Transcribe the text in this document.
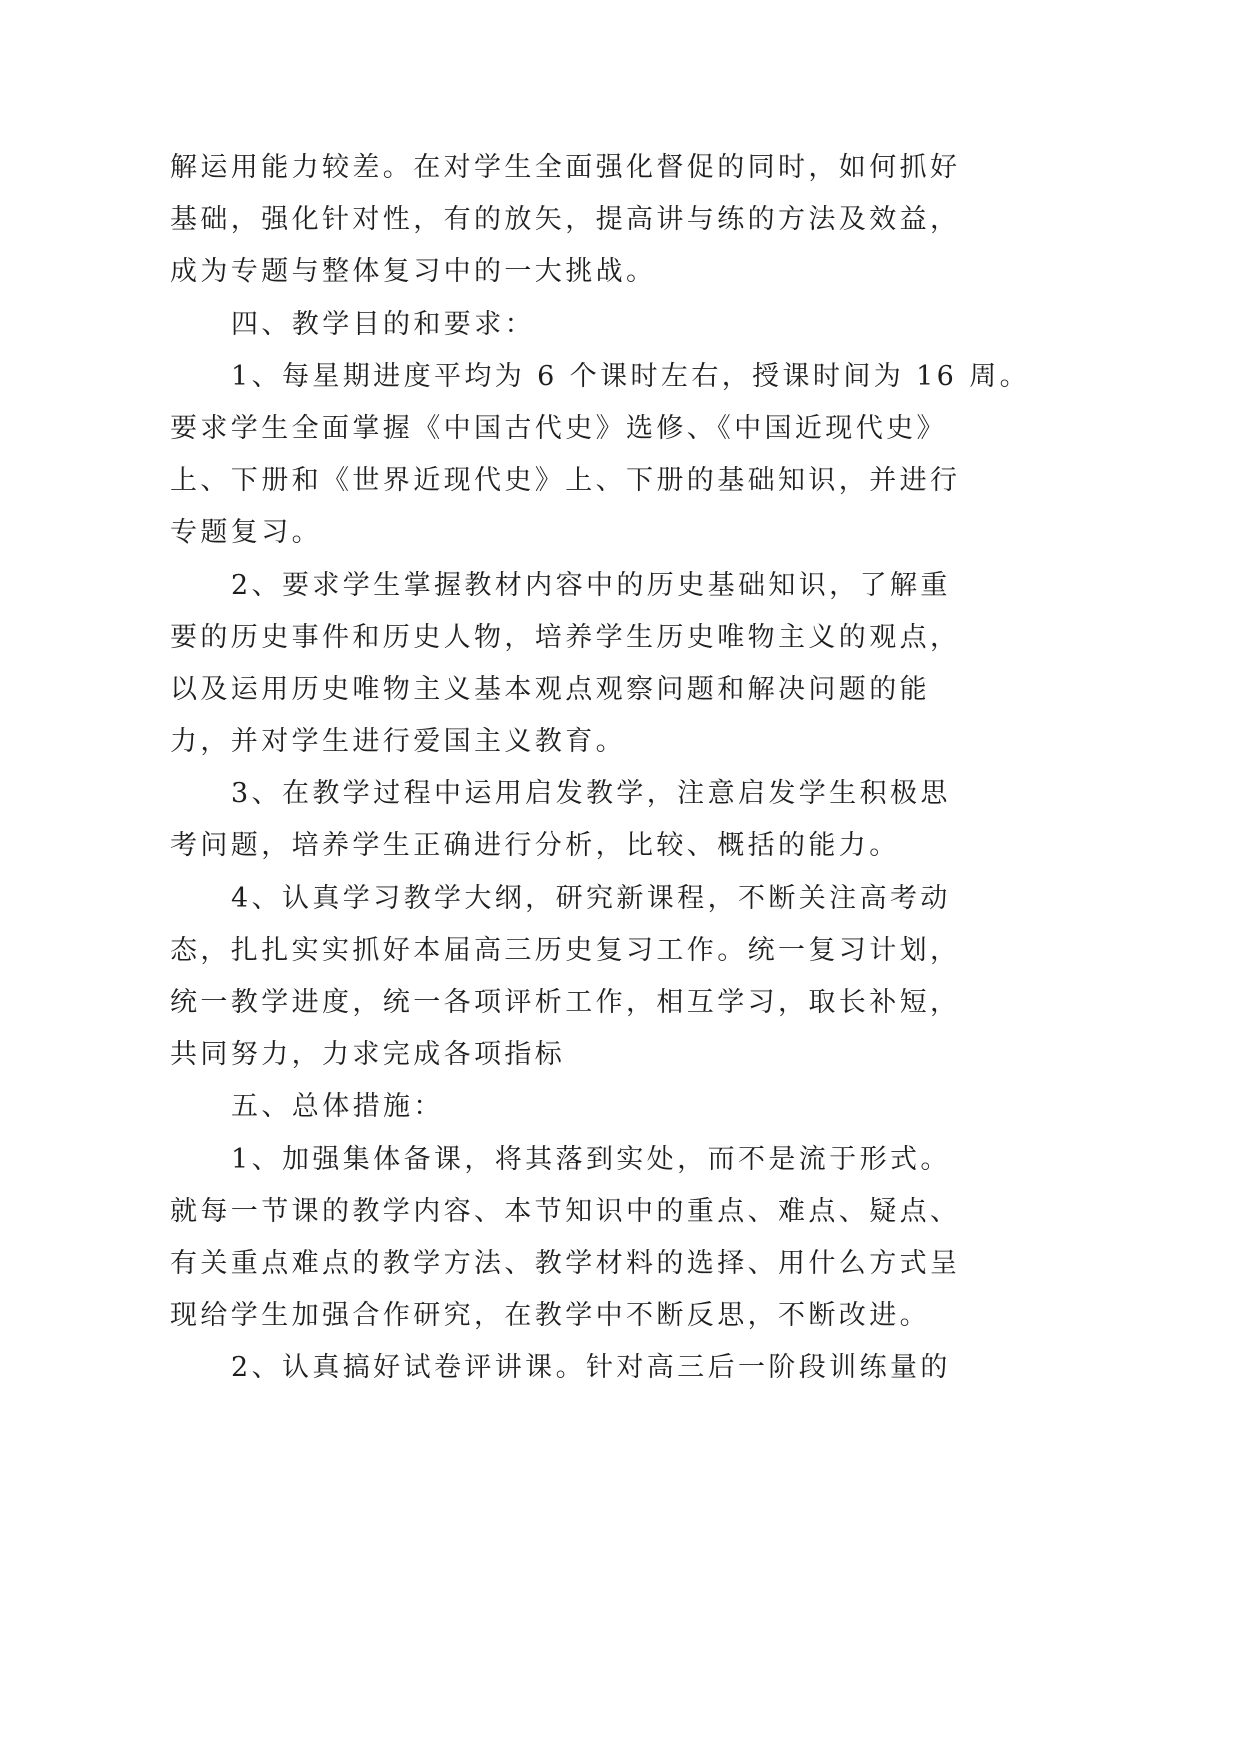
解运用能力较差。在对学生全面强化督促的同时，如何抓好
基础，强化针对性，有的放矢，提高讲与练的方法及效益，
成为专题与整体复习中的一大挑战。
四、教学目的和要求：
1、每星期进度平均为 6 个课时左右，授课时间为 16 周。
要求学生全面掌握《中国古代史》选修、《中国近现代史》
上、下册和《世界近现代史》上、下册的基础知识，并进行
专题复习。
2、要求学生掌握教材内容中的历史基础知识，了解重
要的历史事件和历史人物，培养学生历史唯物主义的观点，
以及运用历史唯物主义基本观点观察问题和解决问题的能
力，并对学生进行爱国主义教育。
3、在教学过程中运用启发教学，注意启发学生积极思
考问题，培养学生正确进行分析，比较、概括的能力。
4、认真学习教学大纲，研究新课程，不断关注高考动
态，扎扎实实抓好本届高三历史复习工作。统一复习计划，
统一教学进度，统一各项评析工作，相互学习，取长补短，
共同努力，力求完成各项指标
五、总体措施：
1、加强集体备课，将其落到实处，而不是流于形式。
就每一节课的教学内容、本节知识中的重点、难点、疑点、
有关重点难点的教学方法、教学材料的选择、用什么方式呈
现给学生加强合作研究，在教学中不断反思，不断改进。
2、认真搞好试卷评讲课。针对高三后一阶段训练量的
